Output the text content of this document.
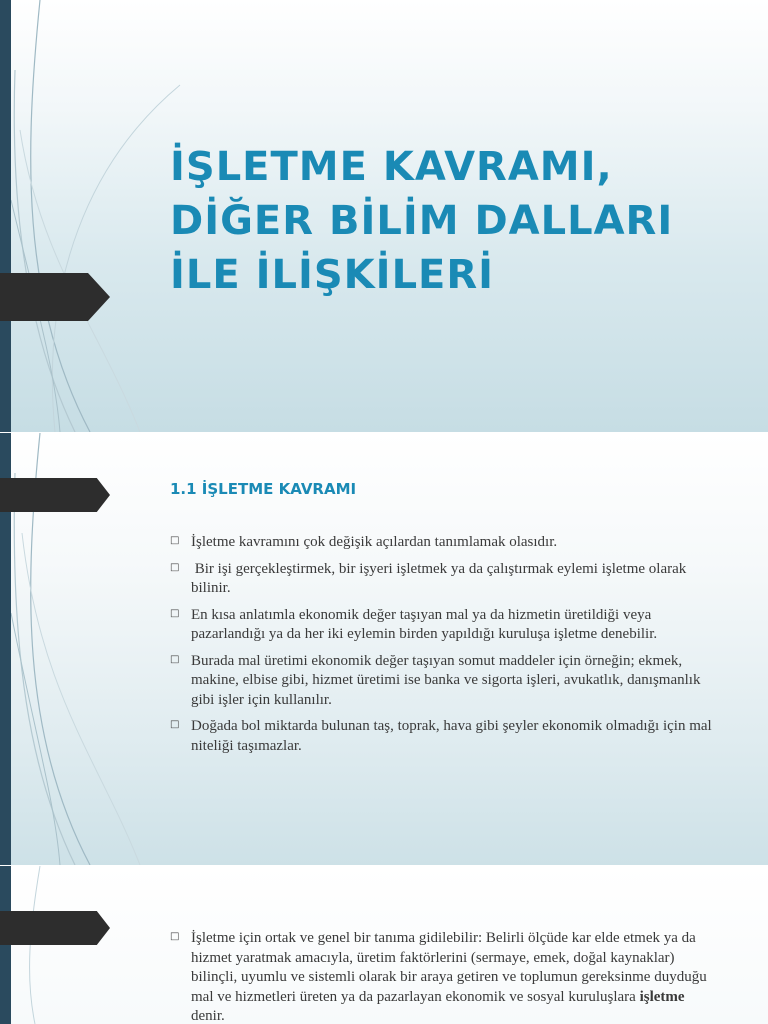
İŞLETME KAVRAMI,
DİĞER BİLİM DALLARI
İLE İLİŞKİLERİ
1.1 İŞLETME KAVRAMI
□ İşletme kavramını çok değişik açılardan tanımlamak olasıdır.
□ Bir işi gerçekleştirmek, bir işyeri işletmek ya da çalıştırmak eylemi işletme olarak bilinir.
□ En kısa anlatımla ekonomik değer taşıyan mal ya da hizmetin üretildiği veya pazarlandığı ya da her iki eylemin birden yapıldığı kuruluşa işletme denebilir.
□ Burada mal üretimi ekonomik değer taşıyan somut maddeler için örneğin; ekmek, makine, elbise gibi, hizmet üretimi ise banka ve sigorta işleri, avukatlık, danışmanlık gibi işler için kullanılır.
□ Doğada bol miktarda bulunan taş, toprak, hava gibi şeyler ekonomik olmadığı için mal niteliği taşımazlar.
□ İşletme için ortak ve genel bir tanıma gidilebilir: Belirli ölçüde kar elde etmek ya da hizmet yaratmak amacıyla, üretim faktörlerini (sermaye, emek, doğal kaynaklar) bilinçli, uyumlu ve sistemli olarak bir araya getiren ve toplumun gereksinme duyduğu mal ve hizmetleri üreten ya da pazarlayan ekonomik ve sosyal kuruluşlara işletme denir.
